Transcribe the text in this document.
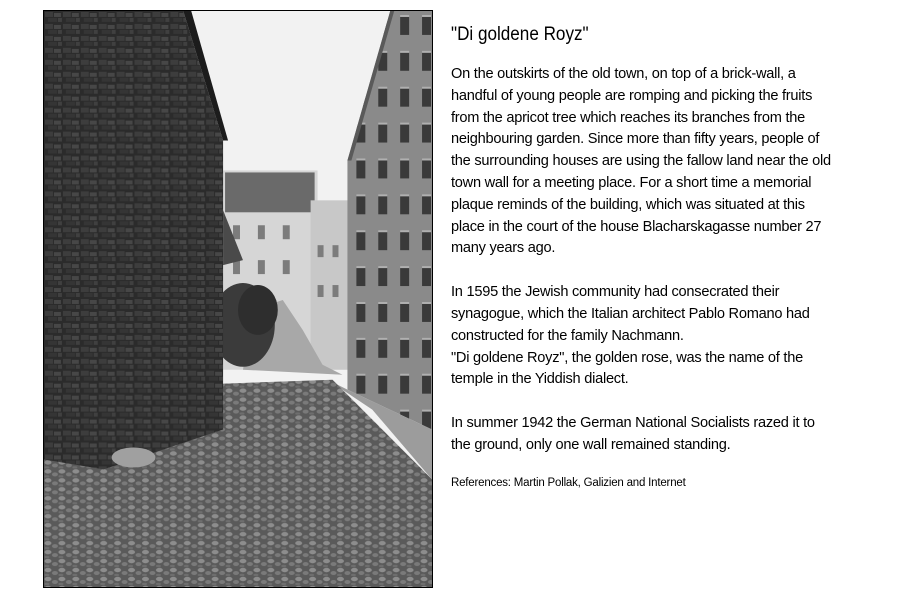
"Di goldene Royz"

On the outskirts of the old town, on top of a brick-wall, a
handful of young people are romping and picking the fruits
from the apricot tree which reaches its branches from the
neighbouring garden. Since more than fifty years, people of
the surrounding houses are using the fallow land near the old
town wall for a meeting place. For a short time a memorial
plaque reminds of the building, which was situated at this
place in the court of the house Blacharskagasse number 27
many years ago.

In 1595 the Jewish community had consecrated their
synagogue, which the Italian architect Pablo Romano had
constructed for the family Nachmann.
"Di goldene Royz", the golden rose, was the name of the
temple in the Yiddish dialect.

In summer 1942 the German National Socialists razed it to
the ground, only one wall remained standing.

References: Martin Pollak, Galizien and Internet
